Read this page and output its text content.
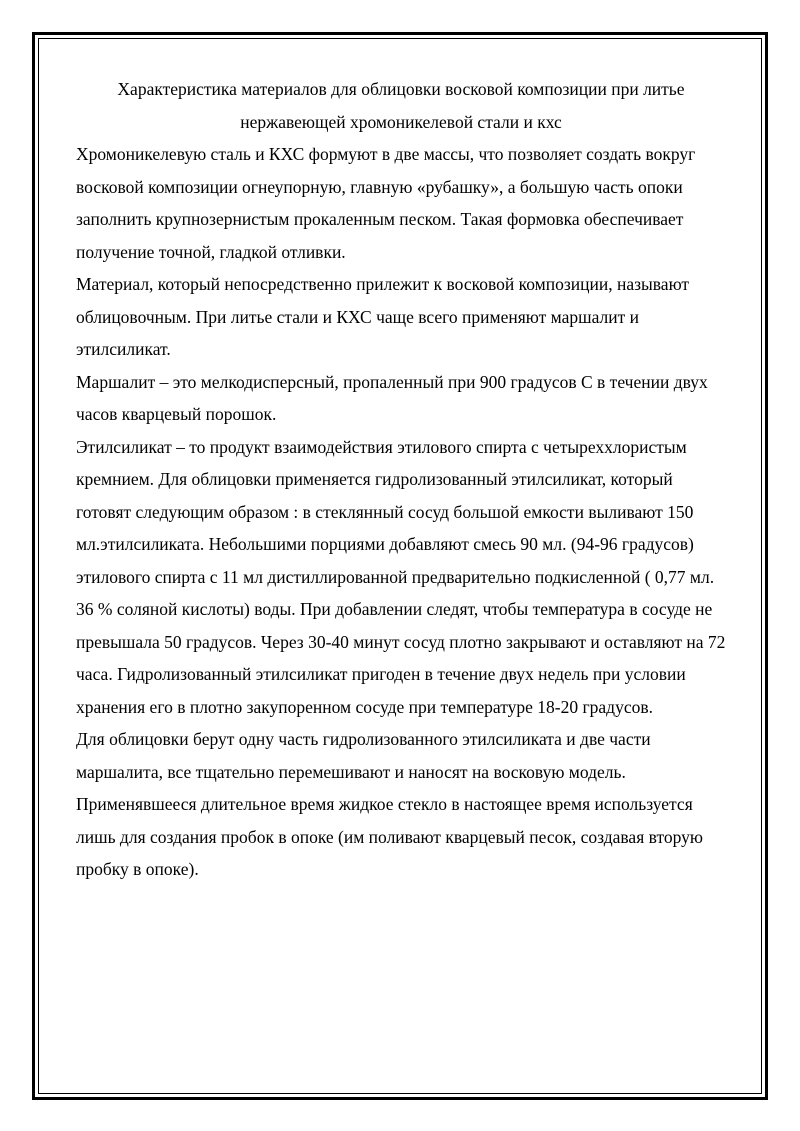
Характеристика материалов для облицовки восковой композиции при литье нержавеющей хромоникелевой стали и кхс

Хромоникелевую сталь и КХС формуют в две массы, что позволяет создать вокруг восковой композиции огнеупорную, главную «рубашку», а большую часть опоки заполнить крупнозернистым прокаленным песком. Такая формовка обеспечивает получение точной, гладкой отливки.

Материал, который непосредственно прилежит к восковой композиции, называют облицовочным. При литье стали и КХС чаще всего применяют маршалит и этилсиликат.

Маршалит – это мелкодисперсный, пропаленный при 900 градусов С в течении двух часов кварцевый порошок.

Этилсиликат – то продукт взаимодействия этилового спирта с четыреххлористым кремнием. Для облицовки применяется гидролизованный этилсиликат, который готовят следующим образом : в стеклянный сосуд большой емкости выливают 150 мл.этилсиликата. Небольшими порциями добавляют смесь 90 мл. (94-96 градусов) этилового спирта с 11 мл дистиллированной предварительно подкисленной ( 0,77 мл. 36 % соляной кислоты) воды. При добавлении следят, чтобы температура в сосуде не превышала 50 градусов. Через 30-40 минут сосуд плотно закрывают и оставляют на 72 часа. Гидролизованный этилсиликат пригоден в течение двух недель при условии хранения его в плотно закупоренном сосуде при температуре 18-20 градусов.

Для облицовки берут одну часть гидролизованного этилсиликата и две части маршалита, все тщательно перемешивают и наносят на восковую модель.

Применявшееся длительное время жидкое стекло в настоящее время используется лишь для создания пробок в опоке (им поливают кварцевый песок, создавая вторую пробку в опоке).
